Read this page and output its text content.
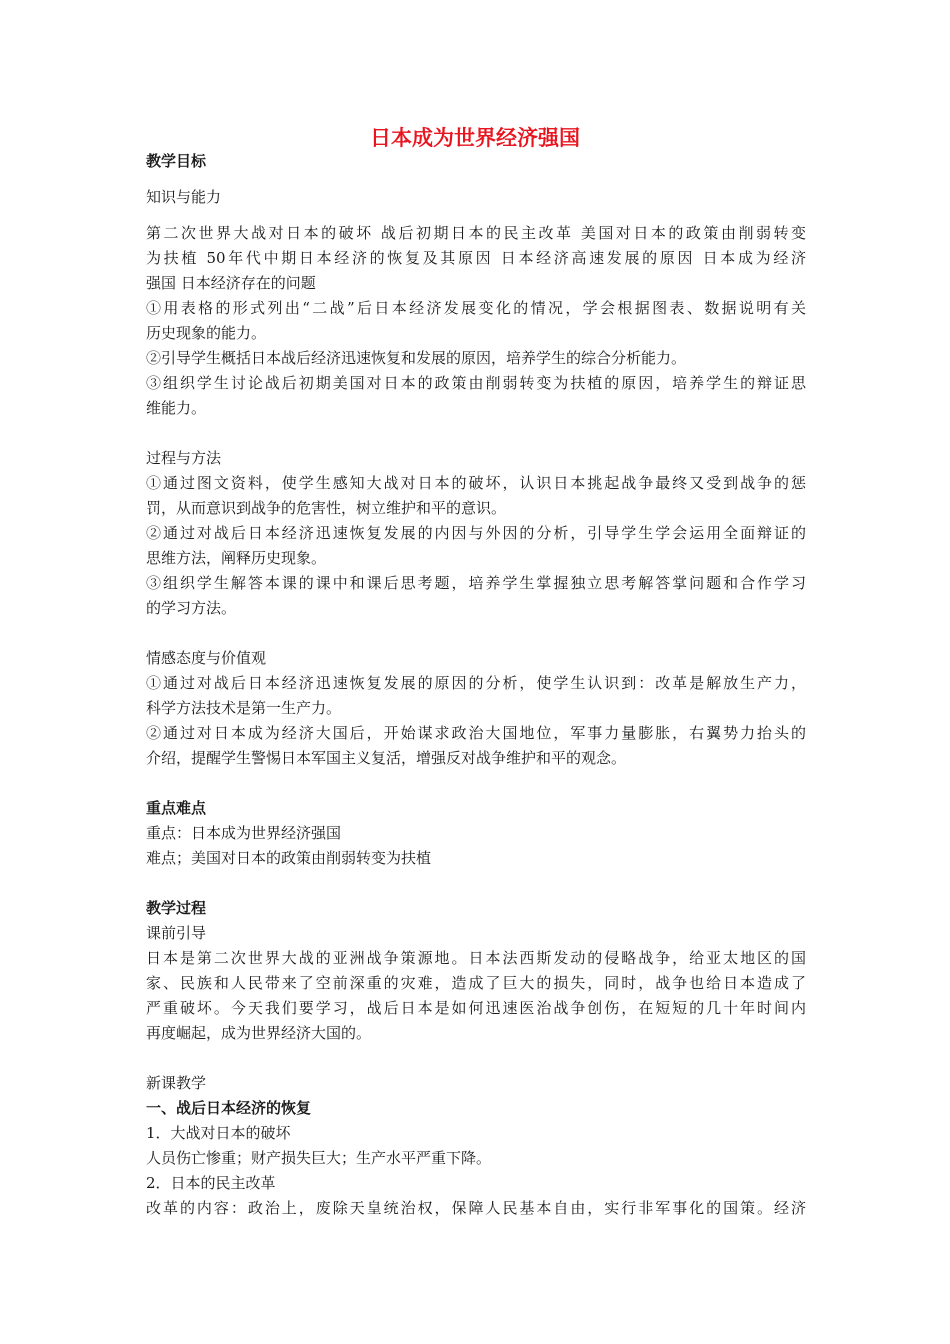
日本成为世界经济强国
教学目标
知识与能力
第二次世界大战对日本的破坏 战后初期日本的民主改革 美国对日本的政策由削弱转变
为扶植 50年代中期日本经济的恢复及其原因 日本经济高速发展的原因 日本成为经济
强国 日本经济存在的问题
①用表格的形式列出“二战”后日本经济发展变化的情况，学会根据图表、数据说明有关
历史现象的能力。
②引导学生概括日本战后经济迅速恢复和发展的原因，培养学生的综合分析能力。
③组织学生讨论战后初期美国对日本的政策由削弱转变为扶植的原因，培养学生的辩证思
维能力。
过程与方法
①通过图文资料，使学生感知大战对日本的破坏，认识日本挑起战争最终又受到战争的惩
罚，从而意识到战争的危害性，树立维护和平的意识。
②通过对战后日本经济迅速恢复发展的内因与外因的分析，引导学生学会运用全面辩证的
思维方法，阐释历史现象。
③组织学生解答本课的课中和课后思考题，培养学生掌握独立思考解答掌问题和合作学习
的学习方法。
情感态度与价值观
①通过对战后日本经济迅速恢复发展的原因的分析，使学生认识到：改革是解放生产力，
科学方法技术是第一生产力。
②通过对日本成为经济大国后，开始谋求政治大国地位，军事力量膨胀，右翼势力抬头的
介绍，提醒学生警惕日本军国主义复活，增强反对战争维护和平的观念。
重点难点
重点：日本成为世界经济强国
难点；美国对日本的政策由削弱转变为扶植
教学过程
课前引导
日本是第二次世界大战的亚洲战争策源地。日本法西斯发动的侵略战争，给亚太地区的国
家、民族和人民带来了空前深重的灾难，造成了巨大的损失，同时，战争也给日本造成了
严重破坏。今天我们要学习，战后日本是如何迅速医治战争创伤，在短短的几十年时间内
再度崛起，成为世界经济大国的。
新课教学
一、战后日本经济的恢复
1．大战对日本的破坏
人员伤亡惨重；财产损失巨大；生产水平严重下降。
2．日本的民主改革
改革的内容：政治上，废除天皇统治权，保障人民基本自由，实行非军事化的国策。经济
